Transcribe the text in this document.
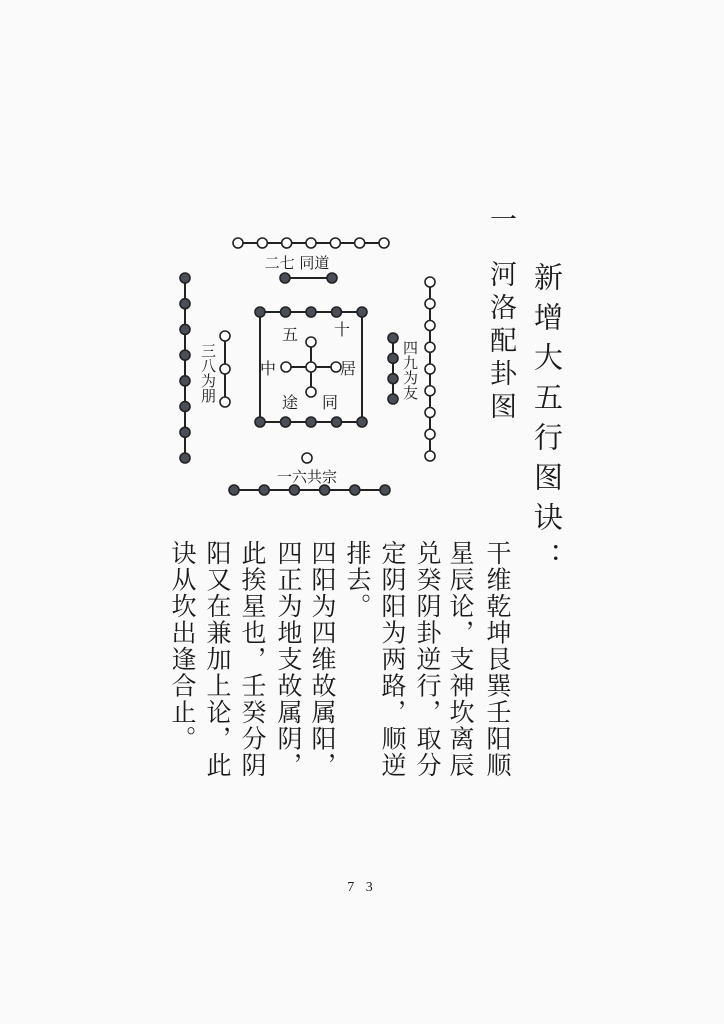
新增大五行图诀：
一河洛配卦图
干维乾坤艮巽壬阳顺
星辰论，支神坎离辰
兑癸阴卦逆行，取分
定阴阳为两路，顺逆
排去。
四阳为四维故属阳，
四正为地支故属阴，
此挨星也，壬癸分阴
阳又在兼加上论，此
诀从坎出逢合止。
二七 同道
一六共宗
三八为朋	四九为友
五 十
中	居
途 同
7 3
